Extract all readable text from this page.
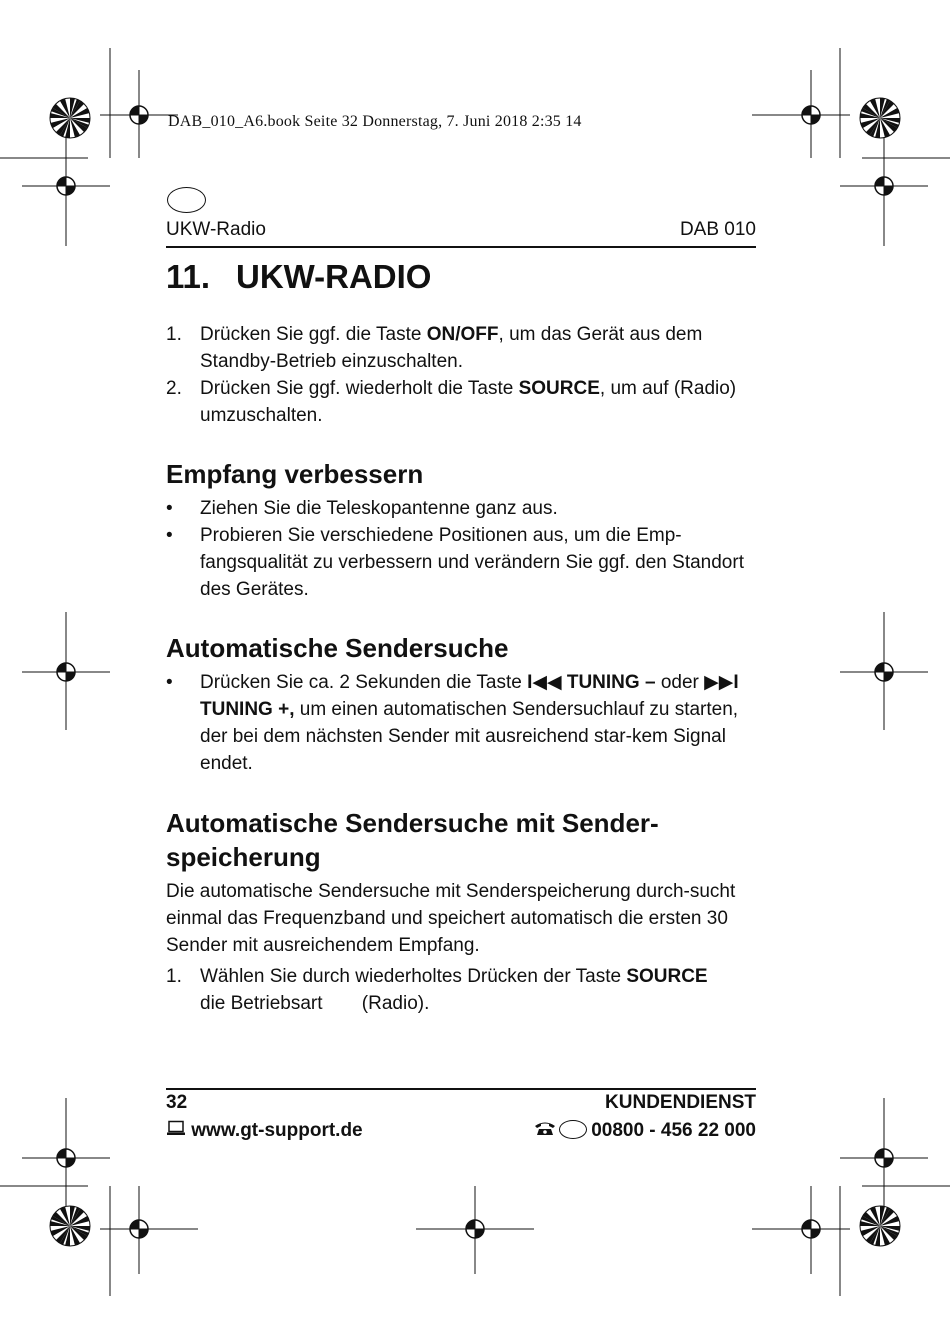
DAB_010_A6.book Seite 32 Donnerstag, 7. Juni 2018 2:35 14
UKW-Radio	DAB 010
11. UKW-RADIO
1. Drücken Sie ggf. die Taste ON/OFF, um das Gerät aus dem Standby-Betrieb einzuschalten.
2. Drücken Sie ggf. wiederholt die Taste SOURCE, um auf (Radio) umzuschalten.
Empfang verbessern
• Ziehen Sie die Teleskopantenne ganz aus.
• Probieren Sie verschiedene Positionen aus, um die Emp-fangsqualität zu verbessern und verändern Sie ggf. den Standort des Gerätes.
Automatische Sendersuche
• Drücken Sie ca. 2 Sekunden die Taste I◀◀ TUNING – oder ▶▶I TUNING +, um einen automatischen Sendersuchlauf zu starten, der bei dem nächsten Sender mit ausreichend star-kem Signal endet.
Automatische Sendersuche mit Sender-
speicherung

Die automatische Sendersuche mit Senderspeicherung durch-sucht einmal das Frequenzband und speichert automatisch die ersten 30 Sender mit ausreichendem Empfang.

1. Wählen Sie durch wiederholtes Drücken der Taste SOURCE
die Betriebsart (Radio).
32	KUNDENDIENST
www.gt-support.de	00800 - 456 22 000
